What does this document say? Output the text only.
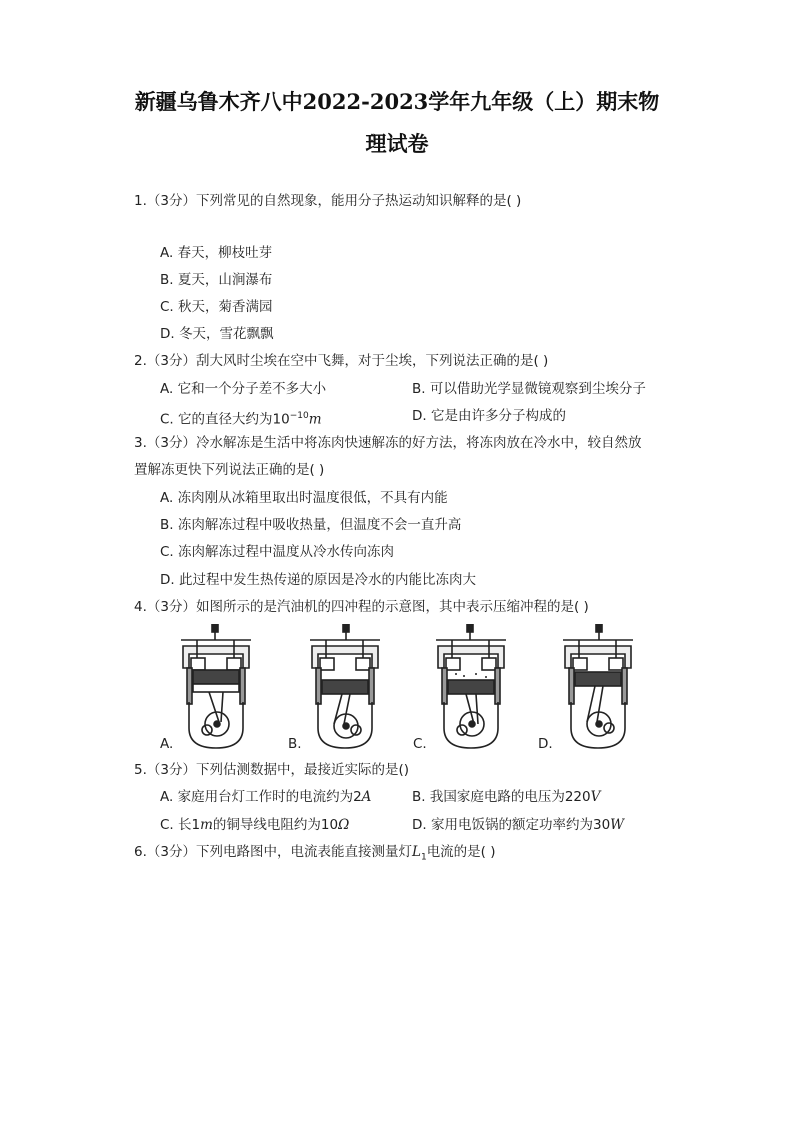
新疆乌鲁木齐八中2022-2023学年九年级（上）期末物
理试卷
1.（3分）下列常见的自然现象，能用分子热运动知识解释的是( )
A. 春天，柳枝吐芽
B. 夏天，山涧瀑布
C. 秋天，菊香满园
D. 冬天，雪花飘飘
2.（3分）刮大风时尘埃在空中飞舞，对于尘埃，下列说法正确的是( )
A. 它和一个分子差不多大小	B. 可以借助光学显微镜观察到尘埃分子
C. 它的直径大约为$10^{-10}m$	D. 它是由许多分子构成的
3.（3分）冷水解冻是生活中将冻肉快速解冻的好方法，将冻肉放在冷水中，较自然放
置解冻更快下列说法正确的是( )
A. 冻肉刚从冰箱里取出时温度很低，不具有内能
B. 冻肉解冻过程中吸收热量，但温度不会一直升高
C. 冻肉解冻过程中温度从冷水传向冻肉
D. 此过程中发生热传递的原因是冷水的内能比冻肉大
4.（3分）如图所示的是汽油机的四冲程的示意图，其中表示压缩冲程的是( )
A.	B.	C.	D.
5.（3分）下列估测数据中，最接近实际的是()
A. 家庭用台灯工作时的电流约为2A	B. 我国家庭电路的电压为220V
C. 长1m的铜导线电阻约为10Ω	D. 家用电饭锅的额定功率约为30W
6.（3分）下列电路图中，电流表能直接测量灯$L_1$电流的是( )
